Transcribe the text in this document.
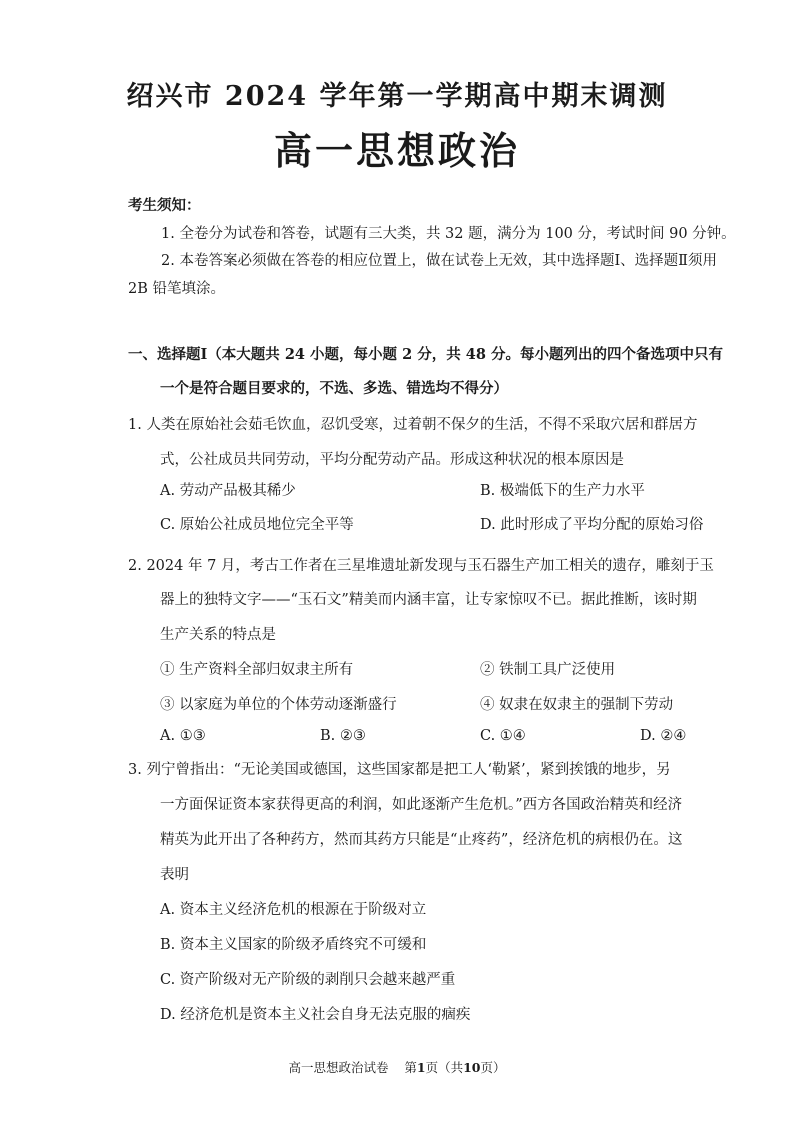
绍兴市 2024 学年第一学期高中期末调测
高一思想政治
考生须知：
1. 全卷分为试卷和答卷，试题有三大类，共 32 题，满分为 100 分，考试时间 90 分钟。
2. 本卷答案必须做在答卷的相应位置上，做在试卷上无效，其中选择题Ⅰ、选择题Ⅱ须用
2B 铅笔填涂。
一、选择题Ⅰ（本大题共 24 小题，每小题 2 分，共 48 分。每小题列出的四个备选项中只有
一个是符合题目要求的，不选、多选、错选均不得分）
1. 人类在原始社会茹毛饮血，忍饥受寒，过着朝不保夕的生活，不得不采取穴居和群居方
式，公社成员共同劳动，平均分配劳动产品。形成这种状况的根本原因是
A. 劳动产品极其稀少	B. 极端低下的生产力水平
C. 原始公社成员地位完全平等	D. 此时形成了平均分配的原始习俗
2. 2024 年 7 月，考古工作者在三星堆遗址新发现与玉石器生产加工相关的遗存，雕刻于玉
器上的独特文字——“玉石文”精美而内涵丰富，让专家惊叹不已。据此推断，该时期
生产关系的特点是
① 生产资料全部归奴隶主所有	② 铁制工具广泛使用
③ 以家庭为单位的个体劳动逐渐盛行	④ 奴隶在奴隶主的强制下劳动
A. ①③	B. ②③	C. ①④	D. ②④
3. 列宁曾指出：“无论美国或德国，这些国家都是把工人‘勒紧’，紧到挨饿的地步，另
一方面保证资本家获得更高的利润，如此逐渐产生危机。”西方各国政治精英和经济
精英为此开出了各种药方，然而其药方只能是“止疼药”，经济危机的病根仍在。这
表明
A. 资本主义经济危机的根源在于阶级对立
B. 资本主义国家的阶级矛盾终究不可缓和
C. 资产阶级对无产阶级的剥削只会越来越严重
D. 经济危机是资本主义社会自身无法克服的痼疾
高一思想政治试卷 第1页（共10页）
